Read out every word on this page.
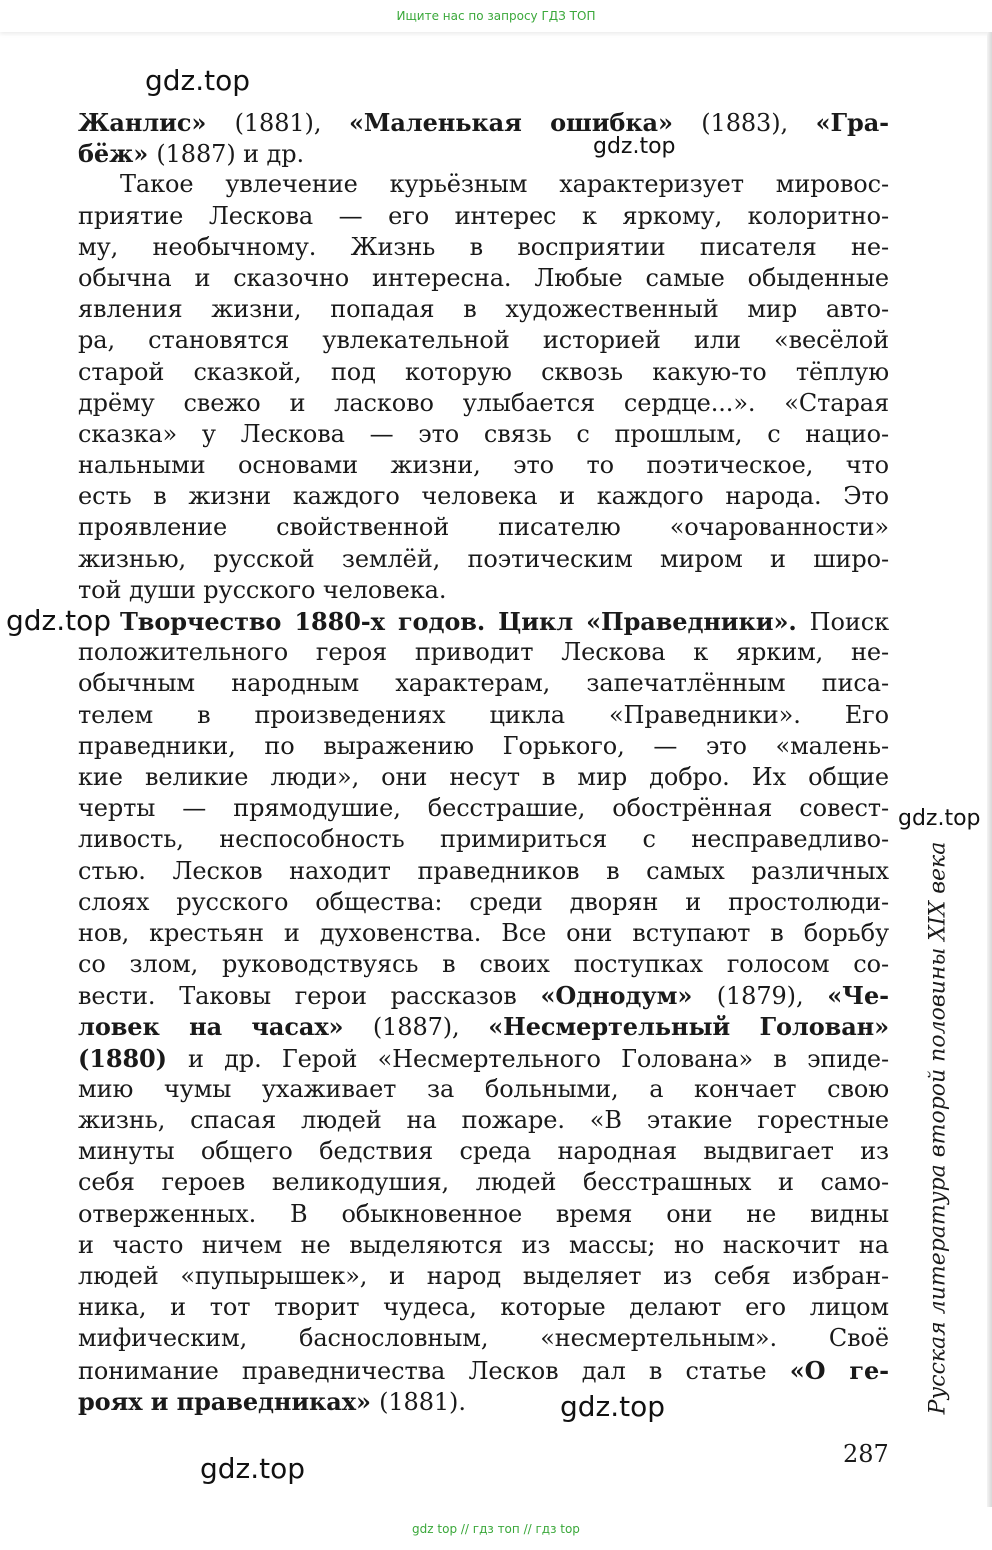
Ищите нас по запросу ГДЗ ТОП
gdz.top
gdz.top
gdz.top
gdz.top
gdz.top
gdz.top
Жанлис» (1881), «Маленькая ошибка» (1883), «Гра-
бёж» (1887) и др.
Такое увлечение курьёзным характеризует мировос-
приятие Лескова — его интерес к яркому, колоритно-
му, необычному. Жизнь в восприятии писателя не-
обычна и сказочно интересна. Любые самые обыденные
явления жизни, попадая в художественный мир авто-
ра, становятся увлекательной историей или «весёлой
старой сказкой, под которую сквозь какую-то тёплую
дрёму свежо и ласково улыбается сердце...». «Старая
сказка» у Лескова — это связь с прошлым, с нацио-
нальными основами жизни, это то поэтическое, что
есть в жизни каждого человека и каждого народа. Это
проявление свойственной писателю «очарованности»
жизнью, русской землёй, поэтическим миром и широ-
той души русского человека.
Творчество 1880-х годов. Цикл «Праведники». Поиск
положительного героя приводит Лескова к ярким, не-
обычным народным характерам, запечатлённым писа-
телем в произведениях цикла «Праведники». Его
праведники, по выражению Горького, — это «малень-
кие великие люди», они несут в мир добро. Их общие
черты — прямодушие, бесстрашие, обострённая совест-
ливость, неспособность примириться с несправедливо-
стью. Лесков находит праведников в самых различных
слоях русского общества: среди дворян и простолюди-
нов, крестьян и духовенства. Все они вступают в борьбу
со злом, руководствуясь в своих поступках голосом со-
вести. Таковы герои рассказов «Однодум» (1879), «Че-
ловек на часах» (1887), «Несмертельный Голован»
(1880) и др. Герой «Несмертельного Голована» в эпиде-
мию чумы ухаживает за больными, а кончает свою
жизнь, спасая людей на пожаре. «В этакие горестные
минуты общего бедствия среда народная выдвигает из
себя героев великодушия, людей бесстрашных и само-
отверженных. В обыкновенное время они не видны
и часто ничем не выделяются из массы; но наскочит на
людей «пупырышек», и народ выделяет из себя избран-
ника, и тот творит чудеса, которые делают его лицом
мифическим, баснословным, «несмертельным». Своё
понимание праведничества Лесков дал в статье «О ге-
роях и праведниках» (1881).	Русская литература второй половины XIX века
287
gdz top // гдз топ // гдз top
